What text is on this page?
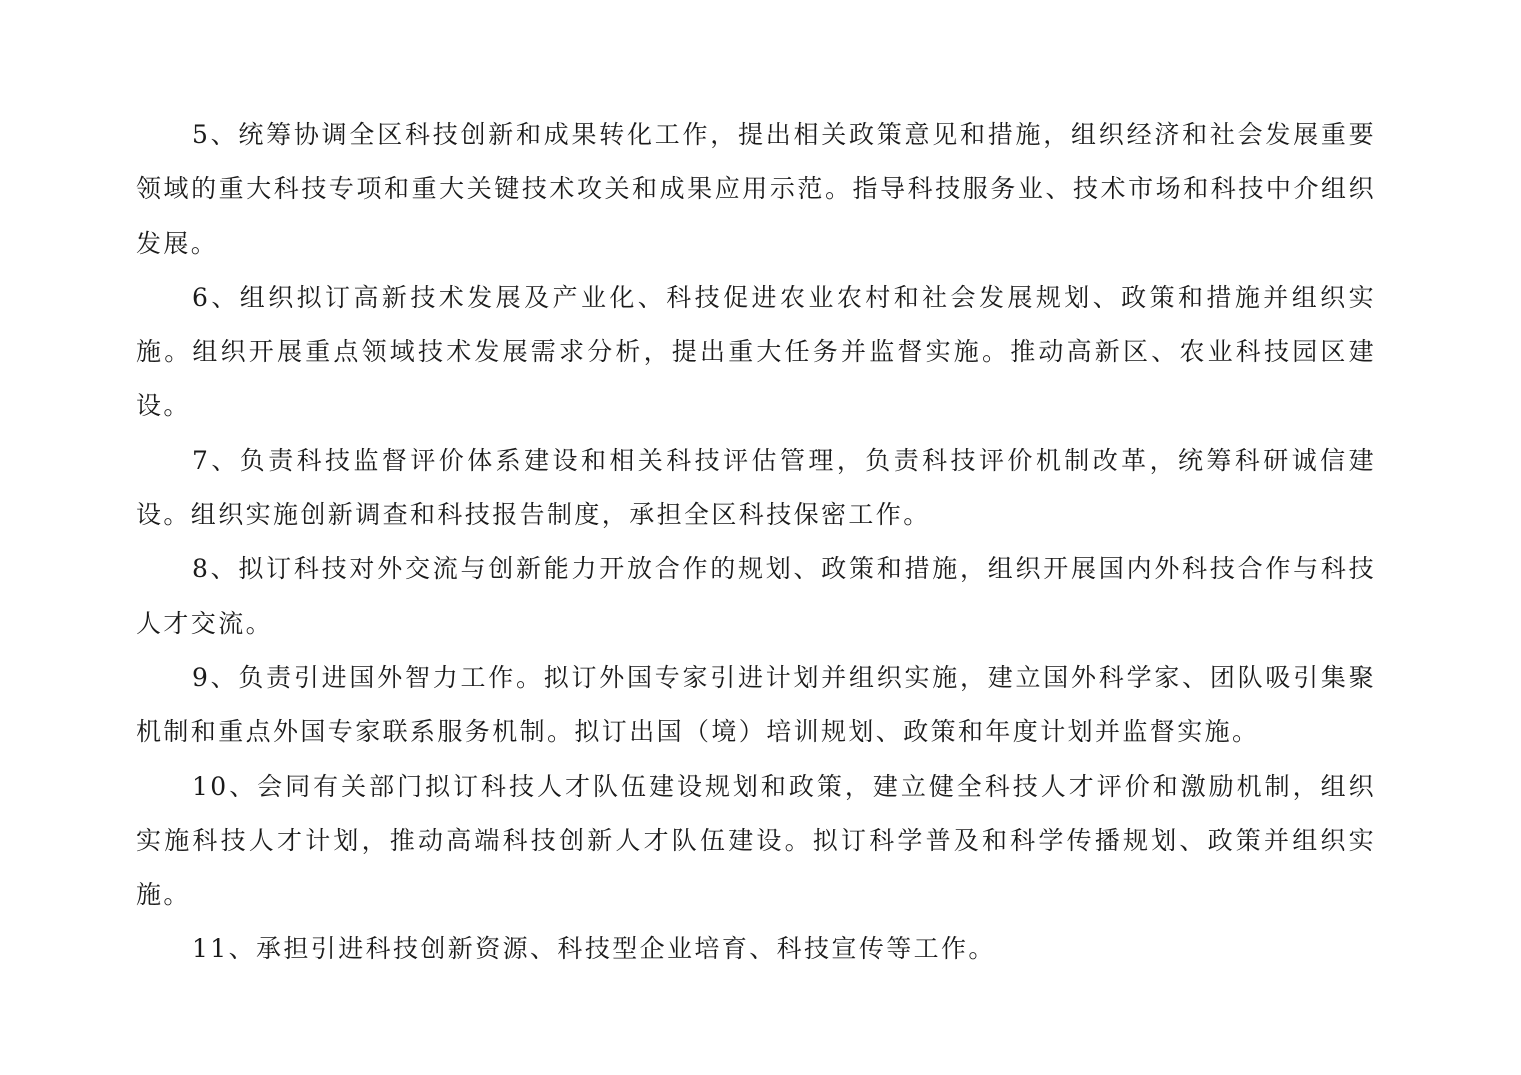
5、统筹协调全区科技创新和成果转化工作，提出相关政策意见和措施，组织经济和社会发展重要领域的重大科技专项和重大关键技术攻关和成果应用示范。指导科技服务业、技术市场和科技中介组织发展。

6、组织拟订高新技术发展及产业化、科技促进农业农村和社会发展规划、政策和措施并组织实施。组织开展重点领域技术发展需求分析，提出重大任务并监督实施。推动高新区、农业科技园区建设。

7、负责科技监督评价体系建设和相关科技评估管理，负责科技评价机制改革，统筹科研诚信建设。组织实施创新调查和科技报告制度，承担全区科技保密工作。

8、拟订科技对外交流与创新能力开放合作的规划、政策和措施，组织开展国内外科技合作与科技人才交流。

9、负责引进国外智力工作。拟订外国专家引进计划并组织实施，建立国外科学家、团队吸引集聚机制和重点外国专家联系服务机制。拟订出国（境）培训规划、政策和年度计划并监督实施。

10、会同有关部门拟订科技人才队伍建设规划和政策，建立健全科技人才评价和激励机制，组织实施科技人才计划，推动高端科技创新人才队伍建设。拟订科学普及和科学传播规划、政策并组织实施。

11、承担引进科技创新资源、科技型企业培育、科技宣传等工作。
